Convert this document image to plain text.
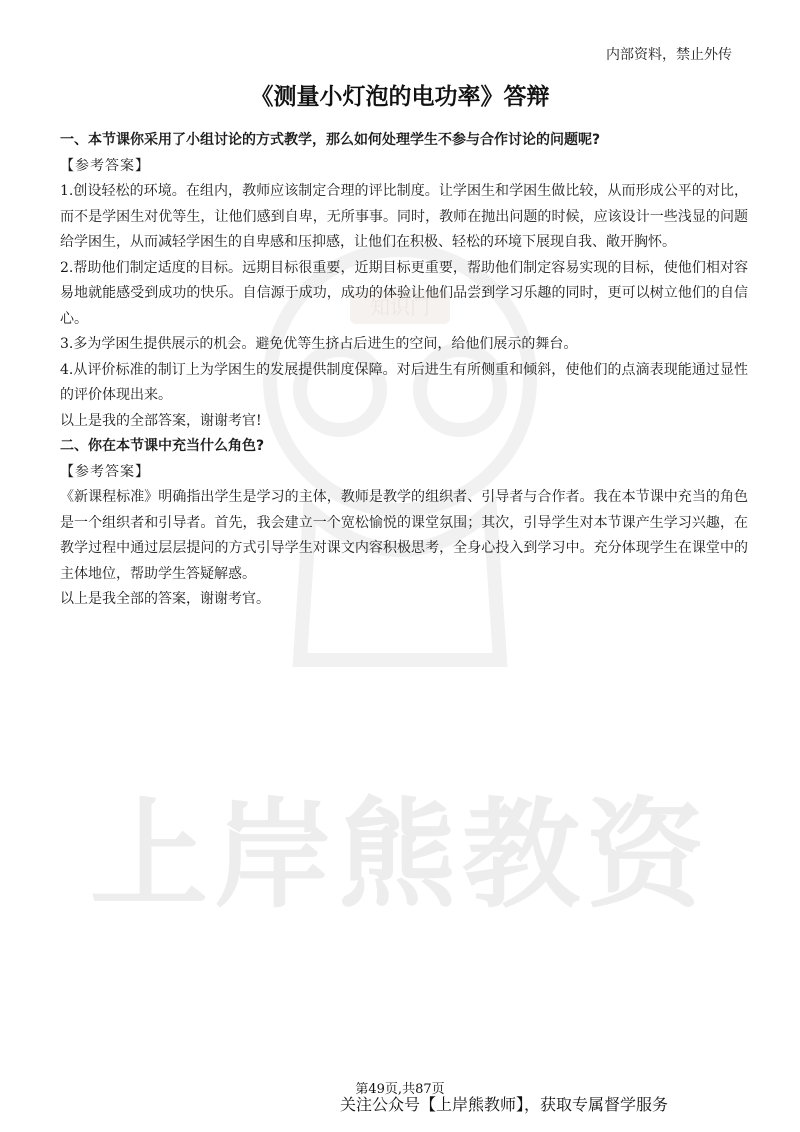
知识门
上岸熊教资
内部资料，禁止外传
《测量小灯泡的电功率》答辩

一、本节课你采用了小组讨论的方式教学，那么如何处理学生不参与合作讨论的问题呢?

【参考答案】

1.创设轻松的环境。在组内，教师应该制定合理的评比制度。让学困生和学困生做比较，从而形成公平的对比，而不是学困生对优等生，让他们感到自卑，无所事事。同时，教师在抛出问题的时候，应该设计一些浅显的问题给学困生，从而减轻学困生的自卑感和压抑感，让他们在积极、轻松的环境下展现自我、敞开胸怀。

2.帮助他们制定适度的目标。远期目标很重要，近期目标更重要，帮助他们制定容易实现的目标，使他们相对容易地就能感受到成功的快乐。自信源于成功，成功的体验让他们品尝到学习乐趣的同时，更可以树立他们的自信心。

3.多为学困生提供展示的机会。避免优等生挤占后进生的空间，给他们展示的舞台。

4.从评价标准的制订上为学困生的发展提供制度保障。对后进生有所侧重和倾斜，使他们的点滴表现能通过显性的评价体现出来。

以上是我的全部答案，谢谢考官!

二、你在本节课中充当什么角色?

【参考答案】

《新课程标准》明确指出学生是学习的主体，教师是教学的组织者、引导者与合作者。我在本节课中充当的角色是一个组织者和引导者。首先，我会建立一个宽松愉悦的课堂氛围；其次，引导学生对本节课产生学习兴趣，在教学过程中通过层层提问的方式引导学生对课文内容积极思考，全身心投入到学习中。充分体现学生在课堂中的主体地位，帮助学生答疑解惑。

以上是我全部的答案，谢谢考官。

第49页,共87页
关注公众号【上岸熊教师】，获取专属督学服务
